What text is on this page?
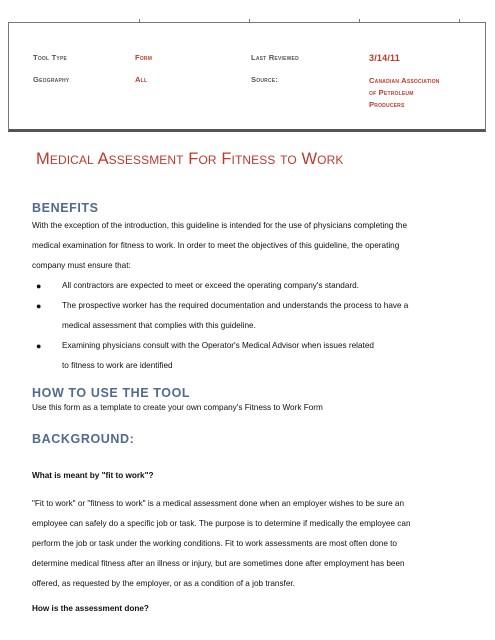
Tool Type	Form	Last Reviewed	3/14/11
Geography	All	Source:	Canadian Association
of Petroleum
Producers
Medical Assessment For Fitness to Work
BENEFITS

With the exception of the introduction, this guideline is intended for the use of physicians completing the
medical examination for fitness to work. In order to meet the objectives of this guideline, the operating
company must ensure that:

●	All contractors are expected to meet or exceed the operating company's standard.
●	The prospective worker has the required documentation and understands the process to have a
medical assessment that complies with this guideline.
●	Examining physicians consult with the Operator's Medical Advisor when issues related
to fitness to work are identified
HOW TO USE THE TOOL

Use this form as a template to create your own company's Fitness to Work Form

BACKGROUND:

What is meant by "fit to work"?

"Fit to work" or "fitness to work" is a medical assessment done when an employer wishes to be sure an
employee can safely do a specific job or task. The purpose is to determine if medically the employee can
perform the job or task under the working conditions. Fit to work assessments are most often done to
determine medical fitness after an illness or injury, but are sometimes done after employment has been
offered, as requested by the employer, or as a condition of a job transfer.

How is the assessment done?
